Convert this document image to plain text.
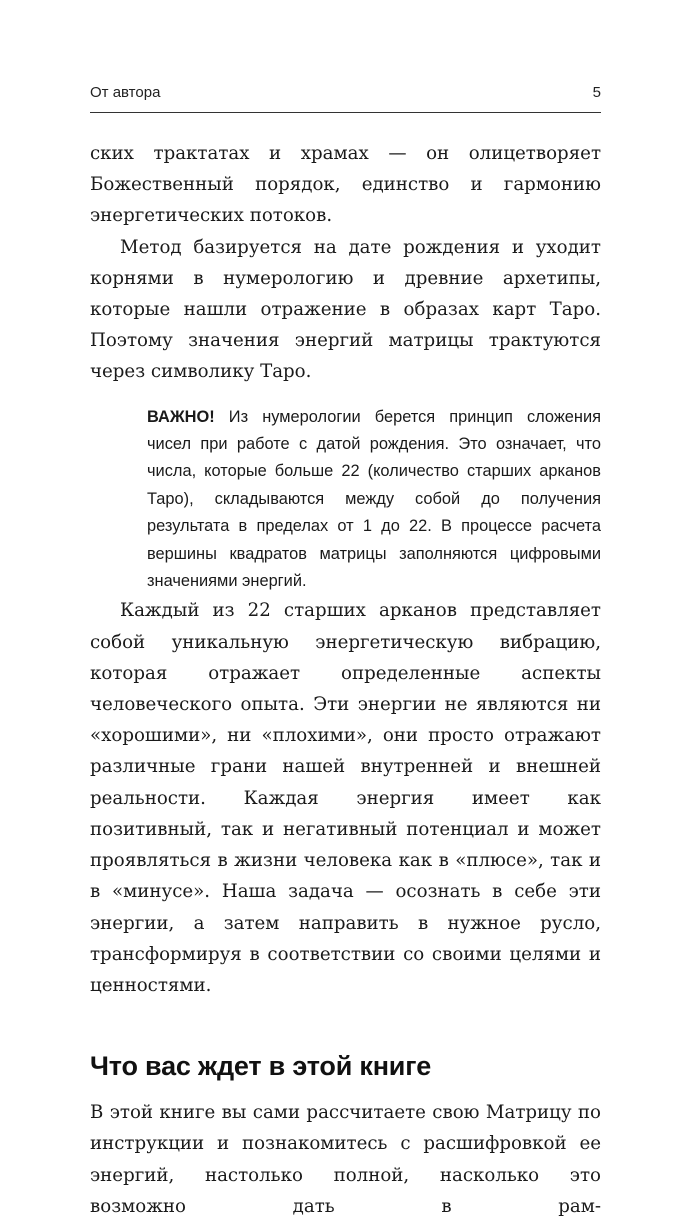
От автора	5

ских трактатах и храмах — он олицетворяет Божественный порядок, единство и гармонию энергетических потоков.

Метод базируется на дате рождения и уходит корнями в нумерологию и древние архетипы, которые нашли отражение в образах карт Таро. Поэтому значения энергий матрицы трактуются через символику Таро.

ВАЖНО! Из нумерологии берется принцип сложения чисел при работе с датой рождения. Это означает, что числа, которые больше 22 (количество старших арканов Таро), складываются между собой до получения результата в пределах от 1 до 22. В процессе расчета вершины квадратов матрицы заполняются цифровыми значениями энергий.

Каждый из 22 старших арканов представляет собой уникальную энергетическую вибрацию, которая отражает определенные аспекты человеческого опыта. Эти энергии не являются ни «хорошими», ни «плохими», они просто отражают различные грани нашей внутренней и внешней реальности. Каждая энергия имеет как позитивный, так и негативный потенциал и может проявляться в жизни человека как в «плюсе», так и в «минусе». Наша задача — осознать в себе эти энергии, а затем направить в нужное русло, трансформируя в соответствии со своими целями и ценностями.

Что вас ждет в этой книге

В этой книге вы сами рассчитаете свою Матрицу по инструкции и познакомитесь с расшифровкой ее энергий, настолько полной, насколько это возможно дать в рам-
